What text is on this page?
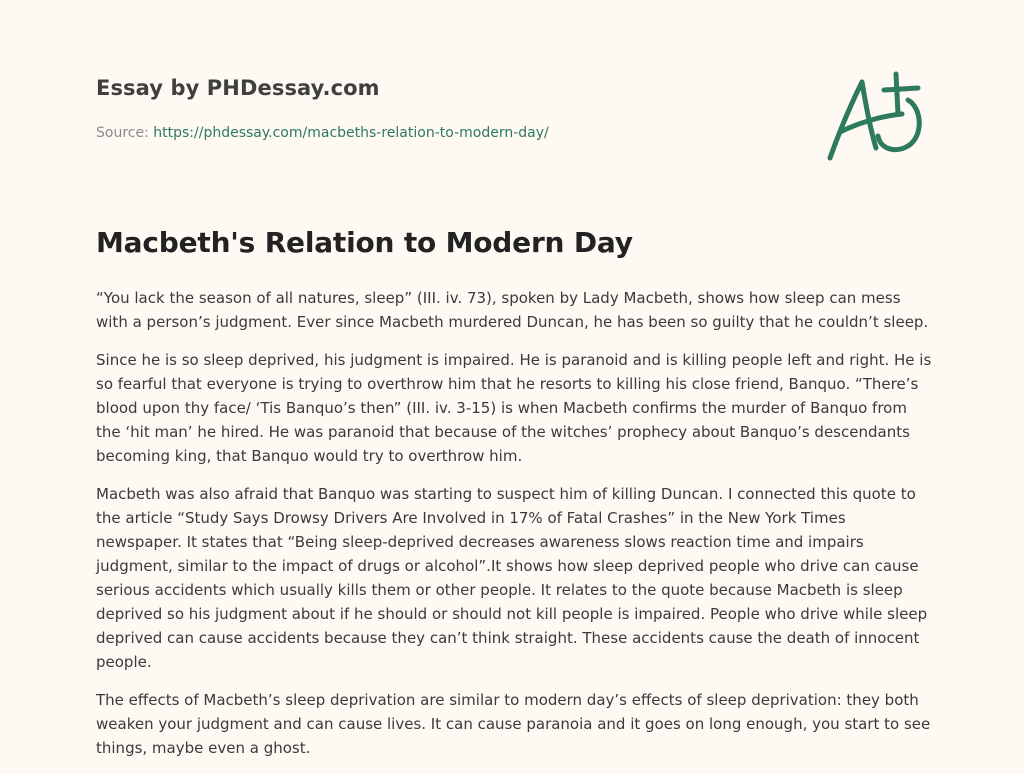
Essay by PHDessay.com
Source: https://phdessay.com/macbeths-relation-to-modern-day/
Macbeth's Relation to Modern Day

“You lack the season of all natures, sleep” (III. iv. 73), spoken by Lady Macbeth, shows how sleep can mess with a person’s judgment. Ever since Macbeth murdered Duncan, he has been so guilty that he couldn’t sleep.

Since he is so sleep deprived, his judgment is impaired. He is paranoid and is killing people left and right. He is so fearful that everyone is trying to overthrow him that he resorts to killing his close friend, Banquo. “There’s blood upon thy face/ ‘Tis Banquo’s then” (III. iv. 3-15) is when Macbeth confirms the murder of Banquo from the ‘hit man’ he hired. He was paranoid that because of the witches’ prophecy about Banquo’s descendants becoming king, that Banquo would try to overthrow him.

Macbeth was also afraid that Banquo was starting to suspect him of killing Duncan. I connected this quote to the article “Study Says Drowsy Drivers Are Involved in 17% of Fatal Crashes” in the New York Times newspaper. It states that “Being sleep-deprived decreases awareness slows reaction time and impairs judgment, similar to the impact of drugs or alcohol”.It shows how sleep deprived people who drive can cause serious accidents which usually kills them or other people. It relates to the quote because Macbeth is sleep deprived so his judgment about if he should or should not kill people is impaired. People who drive while sleep deprived can cause accidents because they can’t think straight. These accidents cause the death of innocent people.

The effects of Macbeth’s sleep deprivation are similar to modern day’s effects of sleep deprivation: they both weaken your judgment and can cause lives. It can cause paranoia and it goes on long enough, you start to see things, maybe even a ghost.
